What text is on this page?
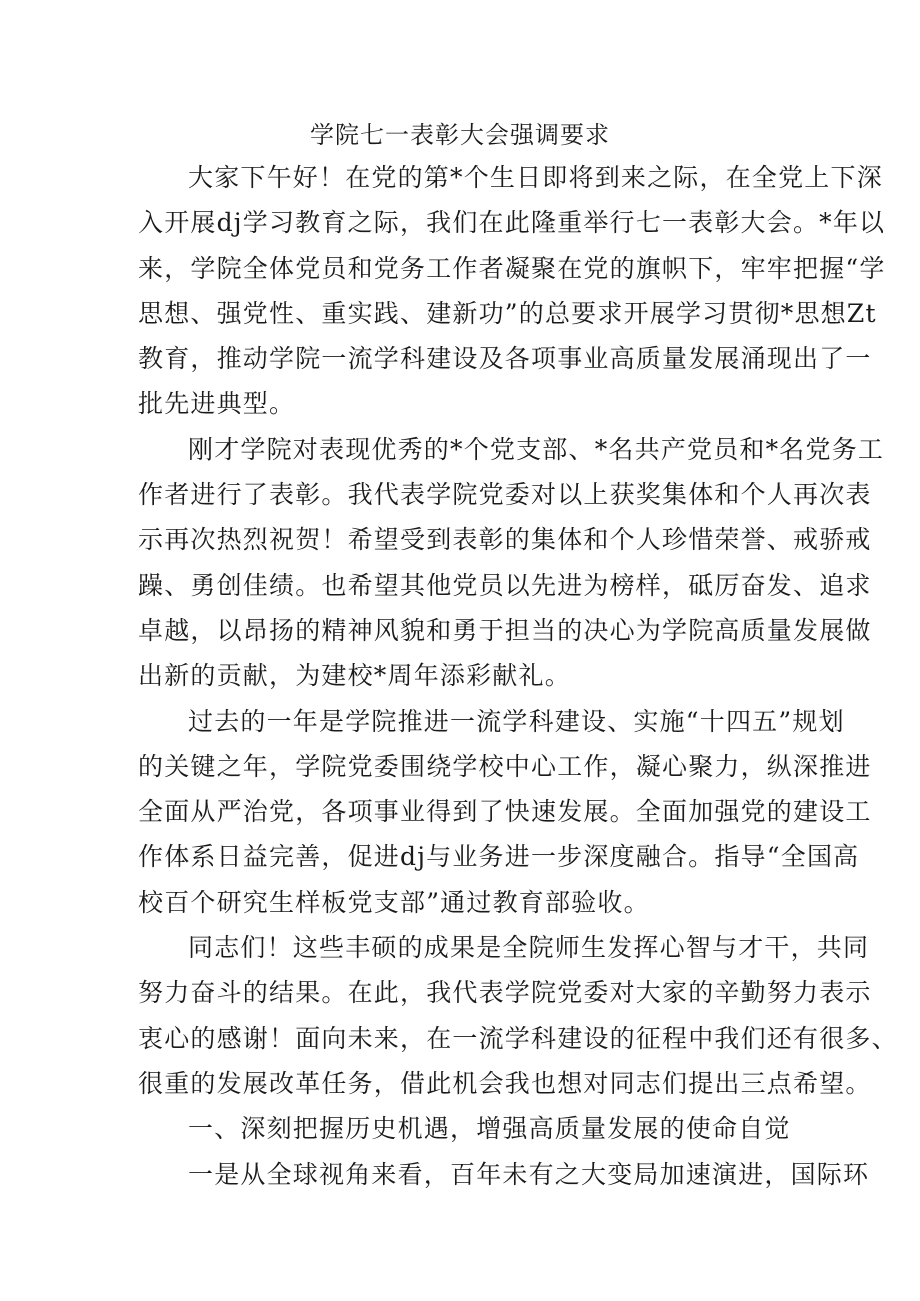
学院七一表彰大会强调要求
大家下午好！在党的第*个生日即将到来之际，在全党上下深
入开展dj学习教育之际，我们在此隆重举行七一表彰大会。*年以
来，学院全体党员和党务工作者凝聚在党的旗帜下，牢牢把握“学
思想、强党性、重实践、建新功”的总要求开展学习贯彻*思想Zt
教育，推动学院一流学科建设及各项事业高质量发展涌现出了一
批先进典型。
刚才学院对表现优秀的*个党支部、*名共产党员和*名党务工
作者进行了表彰。我代表学院党委对以上获奖集体和个人再次表
示再次热烈祝贺！希望受到表彰的集体和个人珍惜荣誉、戒骄戒
躁、勇创佳绩。也希望其他党员以先进为榜样，砥厉奋发、追求
卓越，以昂扬的精神风貌和勇于担当的决心为学院高质量发展做
出新的贡献，为建校*周年添彩献礼。
过去的一年是学院推进一流学科建设、实施“十四五”规划
的关键之年，学院党委围绕学校中心工作，凝心聚力，纵深推进
全面从严治党，各项事业得到了快速发展。全面加强党的建设工
作体系日益完善，促进dj与业务进一步深度融合。指导“全国高
校百个研究生样板党支部”通过教育部验收。
同志们！这些丰硕的成果是全院师生发挥心智与才干，共同
努力奋斗的结果。在此，我代表学院党委对大家的辛勤努力表示
衷心的感谢！面向未来，在一流学科建设的征程中我们还有很多、
很重的发展改革任务，借此机会我也想对同志们提出三点希望。
一、深刻把握历史机遇，增强高质量发展的使命自觉
一是从全球视角来看，百年未有之大变局加速演进，国际环
